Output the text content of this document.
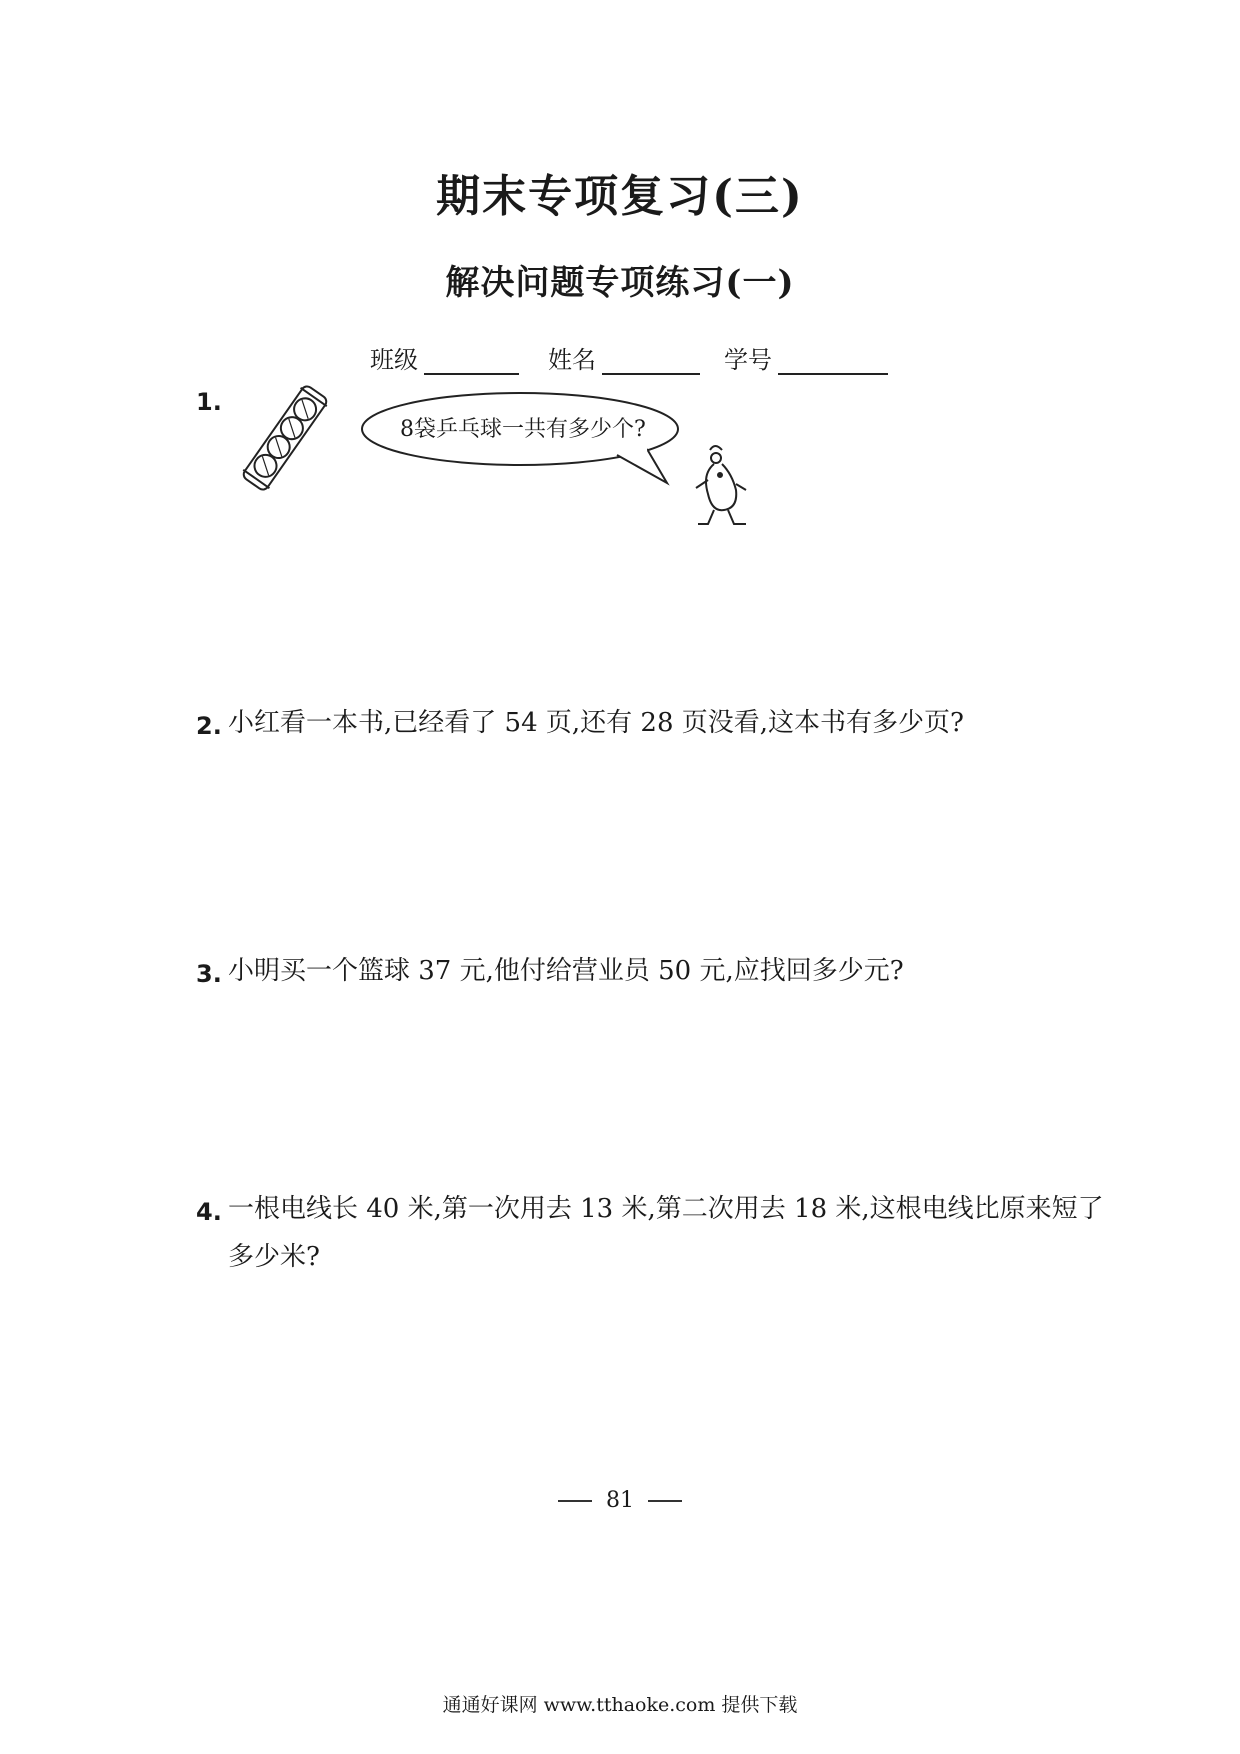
期末专项复习(三)
解决问题专项练习(一)
班级	姓名	学号
1.
8袋乒乓球一共有多少个?
2. 小红看一本书,已经看了 54 页,还有 28 页没看,这本书有多少页?
3. 小明买一个篮球 37 元,他付给营业员 50 元,应找回多少元?
4. 一根电线长 40 米,第一次用去 13 米,第二次用去 18 米,这根电线比原来短了
多少米?
81
通通好课网 www.tthaoke.com 提供下载
